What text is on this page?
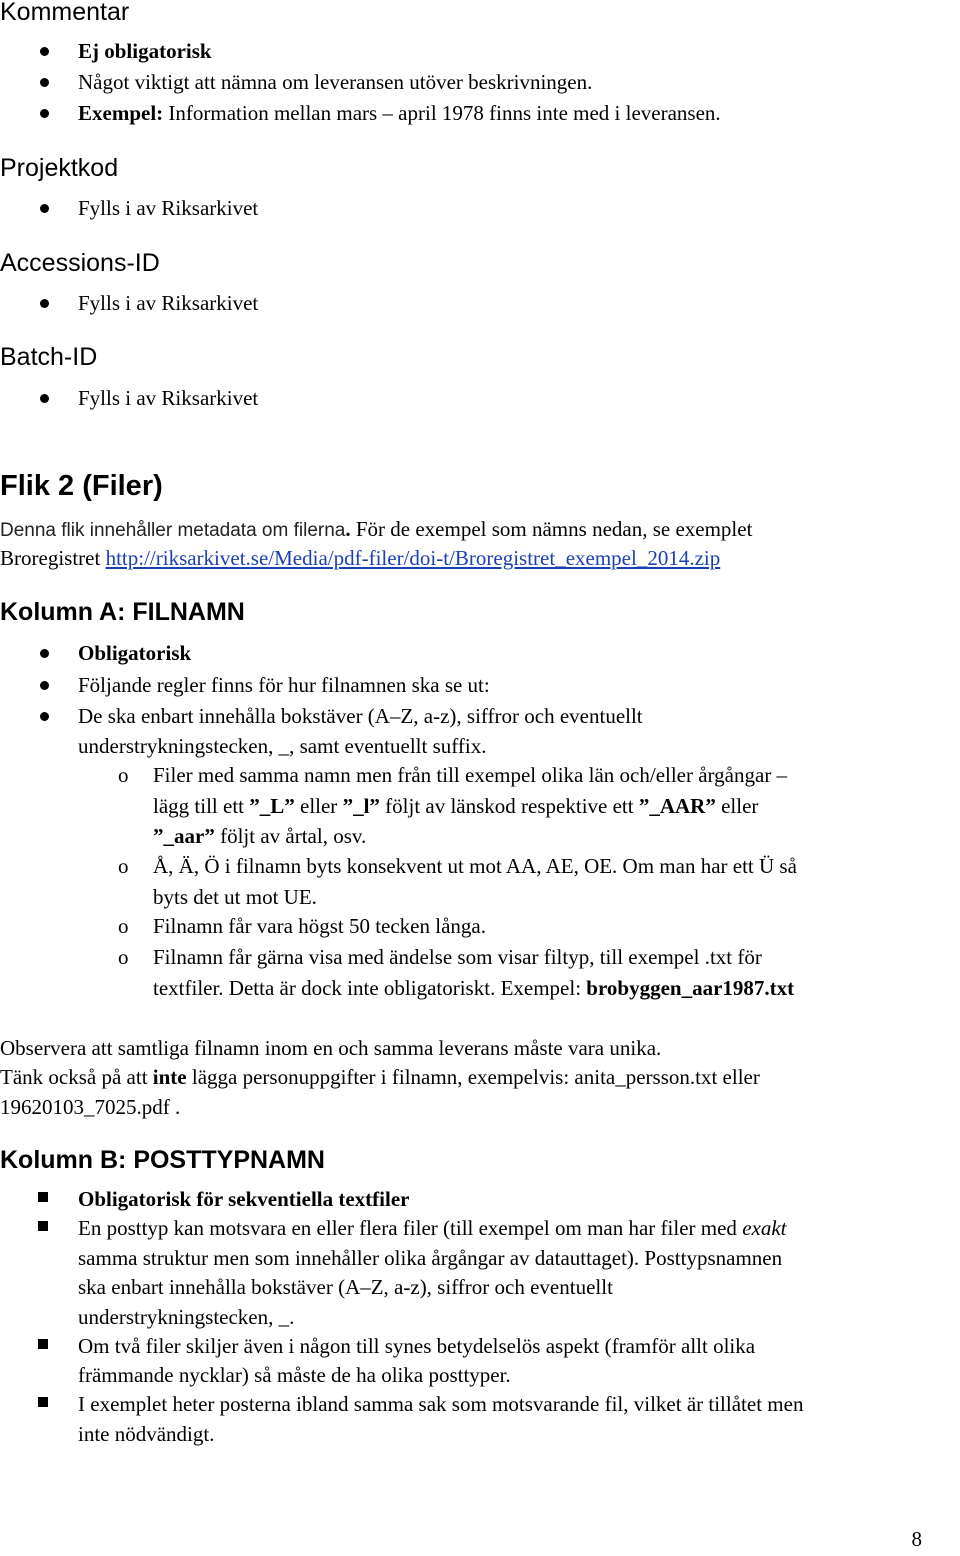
Kommentar
Ej obligatorisk
Något viktigt att nämna om leveransen utöver beskrivningen.
Exempel: Information mellan mars – april 1978 finns inte med i leveransen.
Projektkod
Fylls i av Riksarkivet
Accessions-ID
Fylls i av Riksarkivet
Batch-ID
Fylls i av Riksarkivet
Flik 2 (Filer)
Denna flik innehåller metadata om filerna. För de exempel som nämns nedan, se exemplet
Broregistret http://riksarkivet.se/Media/pdf-filer/doi-t/Broregistret_exempel_2014.zip
Kolumn A: FILNAMN
Obligatorisk
Följande regler finns för hur filnamnen ska se ut:
De ska enbart innehålla bokstäver (A–Z, a-z), siffror och eventuellt
understrykningstecken, _, samt eventuellt suffix.
o Filer med samma namn men från till exempel olika län och/eller årgångar –
lägg till ett ”_L” eller ”_l” följt av länskod respektive ett ”_AAR” eller
”_aar” följt av årtal, osv.
o Å, Ä, Ö i filnamn byts konsekvent ut mot AA, AE, OE. Om man har ett Ü så
byts det ut mot UE.
o Filnamn får vara högst 50 tecken långa.
o Filnamn får gärna visa med ändelse som visar filtyp, till exempel .txt för
textfiler. Detta är dock inte obligatoriskt. Exempel: brobyggen_aar1987.txt
Observera att samtliga filnamn inom en och samma leverans måste vara unika.
Tänk också på att inte lägga personuppgifter i filnamn, exempelvis: anita_persson.txt eller
19620103_7025.pdf .
Kolumn B: POSTTYPNAMN
Obligatorisk för sekventiella textfiler
En posttyp kan motsvara en eller flera filer (till exempel om man har filer med exakt
samma struktur men som innehåller olika årgångar av datauttaget). Posttypsnamnen
ska enbart innehålla bokstäver (A–Z, a-z), siffror och eventuellt
understrykningstecken, _.
Om två filer skiljer även i någon till synes betydelselös aspekt (framför allt olika
främmande nycklar) så måste de ha olika posttyper.
I exemplet heter posterna ibland samma sak som motsvarande fil, vilket är tillåtet men
inte nödvändigt.
8
